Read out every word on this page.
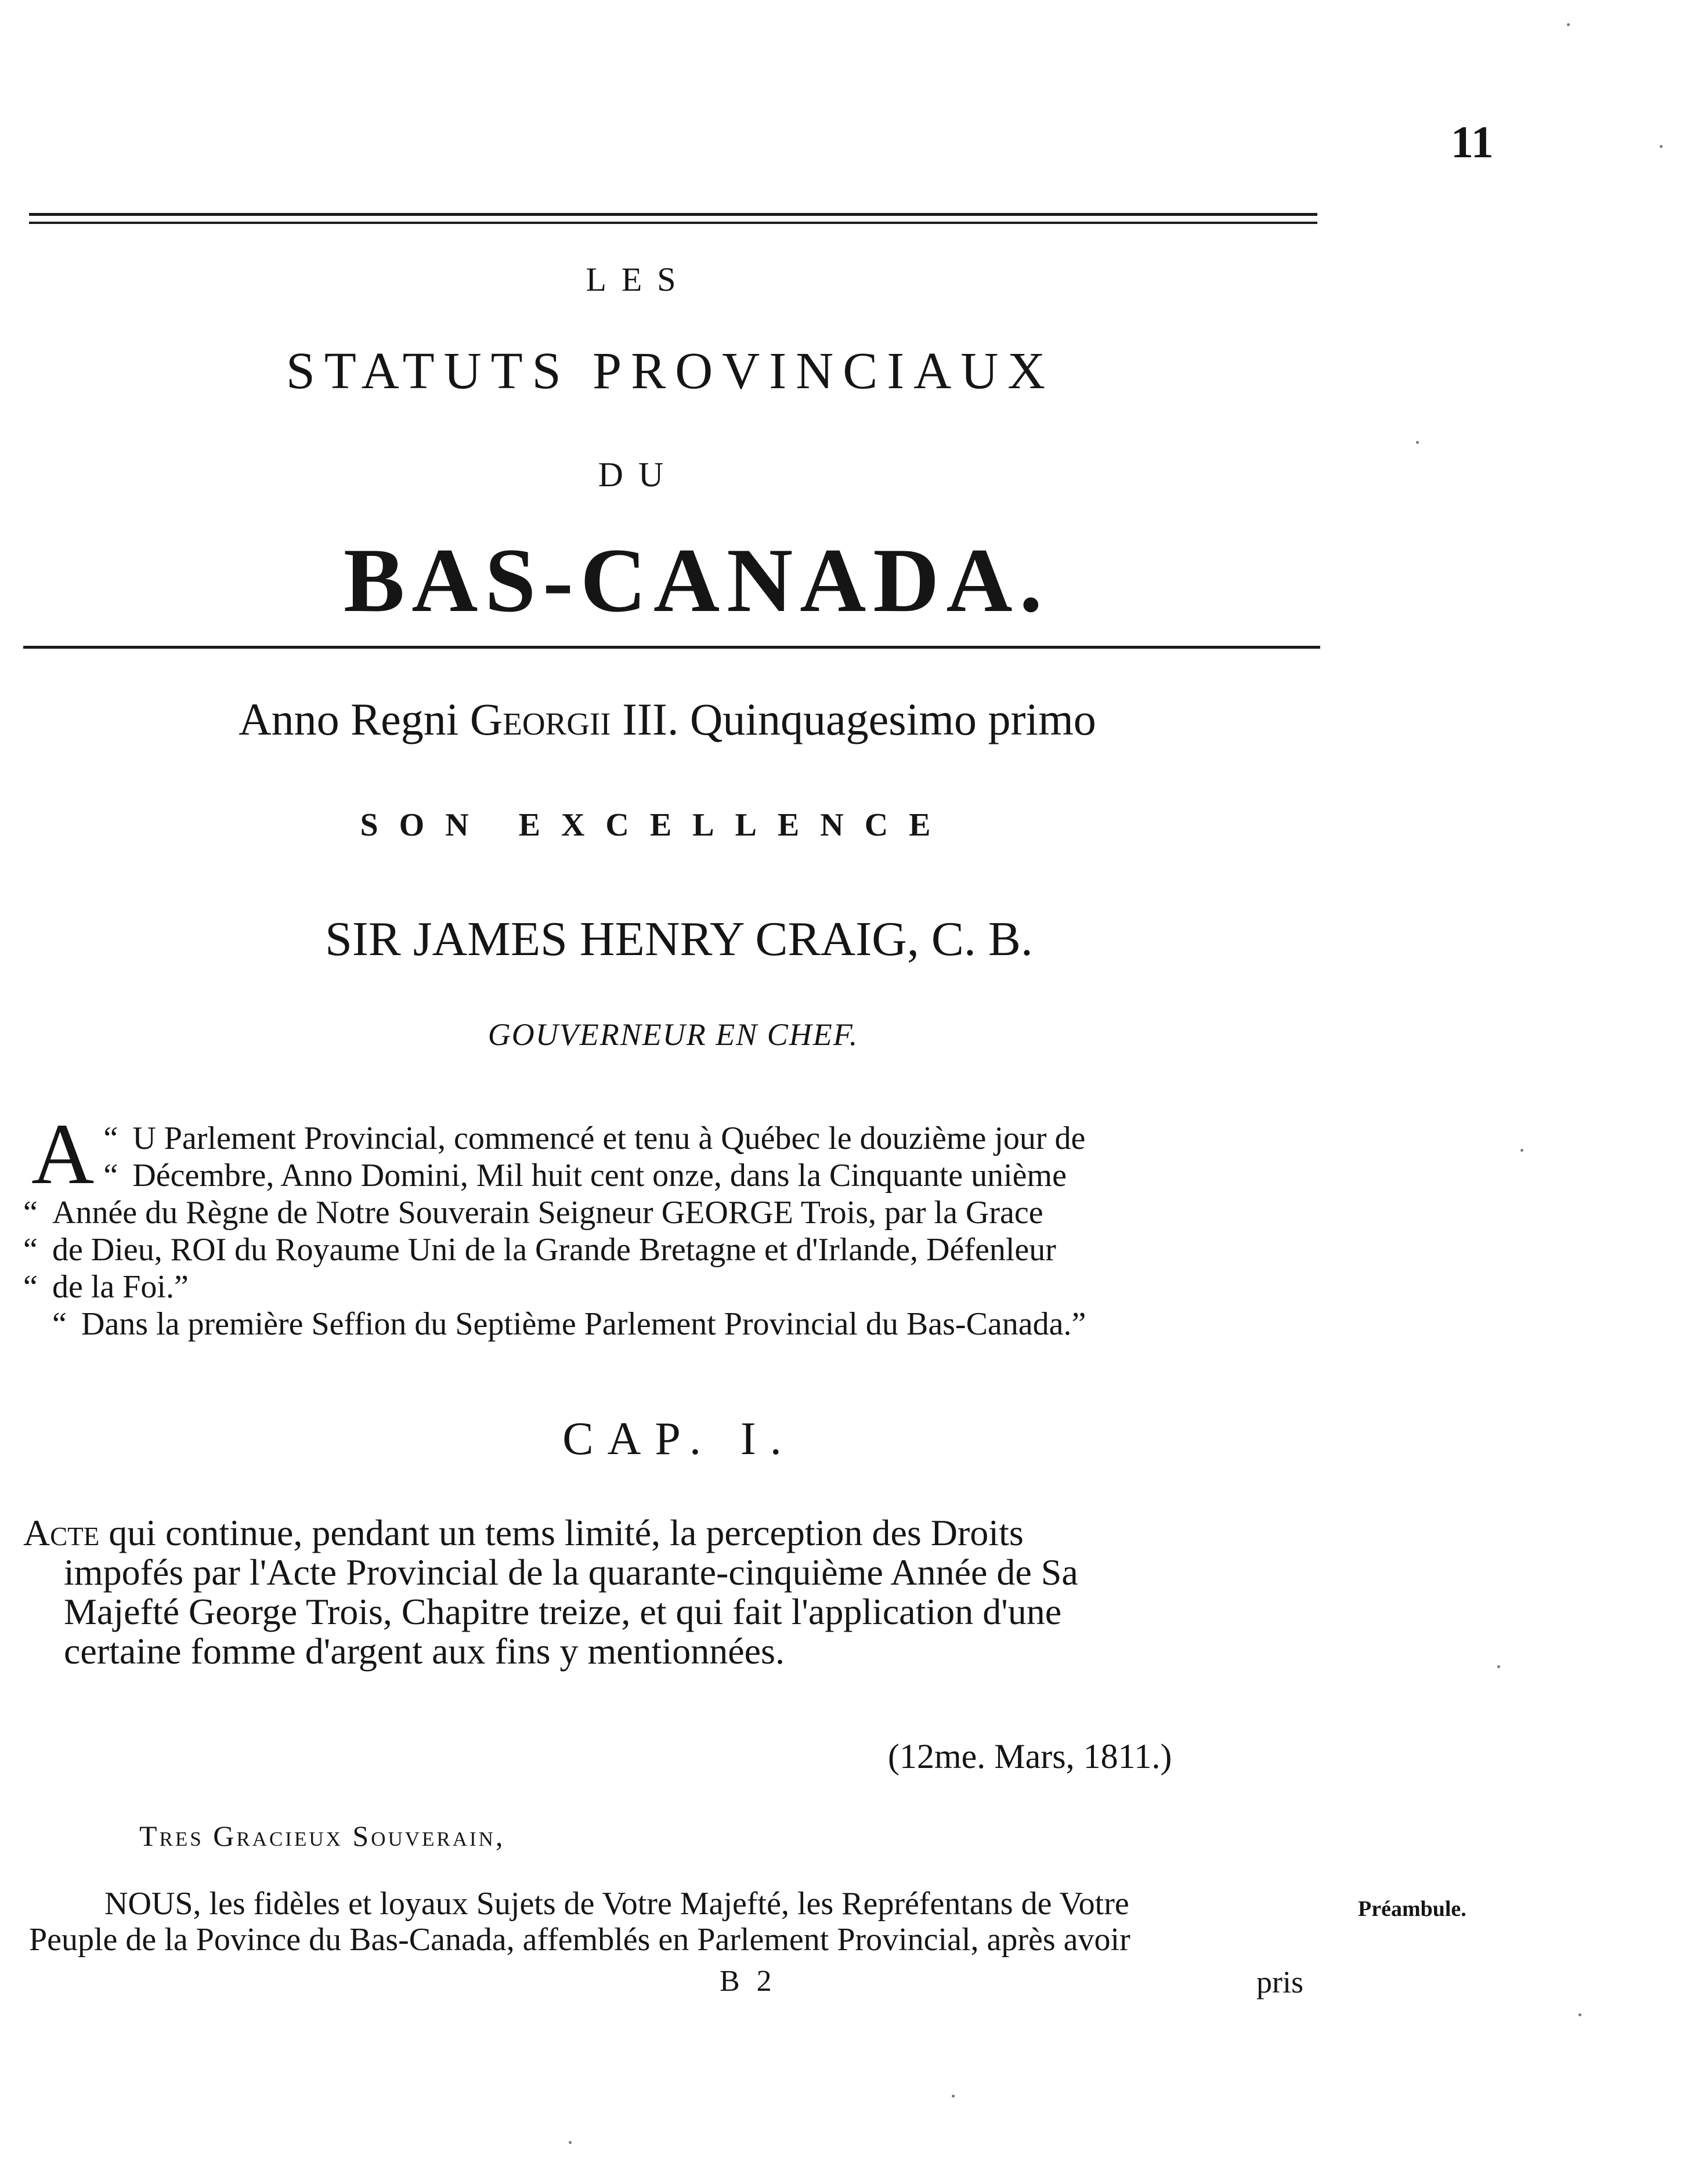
11
LES
STATUTS PROVINCIAUX
DU
BAS-CANADA.
Anno Regni Georgii III. Quinquagesimo primo
SON EXCELLENCE
SIR JAMES HENRY CRAIG, C. B.
GOUVERNEUR EN CHEF.
“
A U Parlement Provincial, commencé et tenu à Québec le douzième jour de
“ Décembre, Anno Domini, Mil huit cent onze, dans la Cinquante unième
“ Année du Règne de Notre Souverain Seigneur GEORGE Trois, par la Grace
“ de Dieu, ROI du Royaume Uni de la Grande Bretagne et d'Irlande, Défenleur
“ de la Foi.”
“ Dans la première Seffion du Septième Parlement Provincial du Bas-Canada.”
CAP. I.
Acte qui continue, pendant un tems limité, la perception des Droits
impofés par l'Acte Provincial de la quarante-cinquième Année de Sa
Majefté George Trois, Chapitre treize, et qui fait l'application d'une
certaine fomme d'argent aux fins y mentionnées.
(12me. Mars, 1811.)
Tres Gracieux Souverain,
NOUS, les fidèles et loyaux Sujets de Votre Majefté, les Repréfentans de Votre
Peuple de la Povince du Bas-Canada, affemblés en Parlement Provincial, après avoir
Préambule.
B 2	pris
